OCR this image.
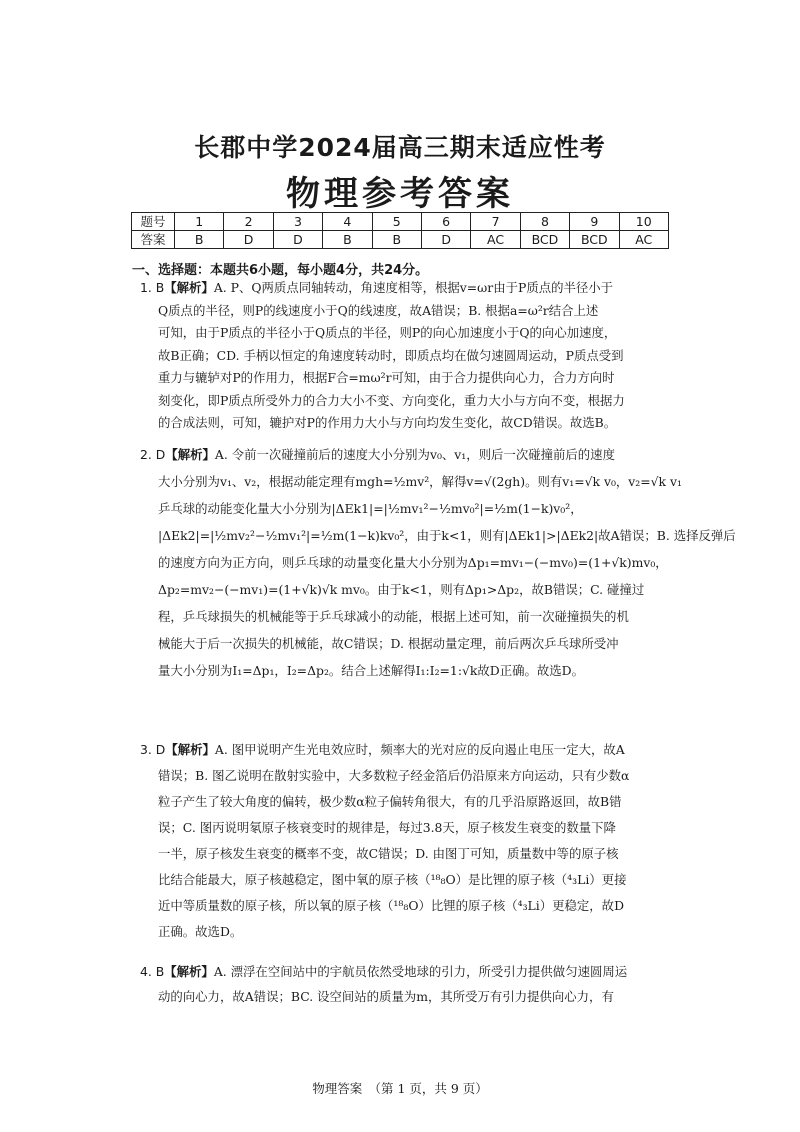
长郡中学2024届高三期末适应性考
物理参考答案
题号	1	2	3	4	5	6	7	8	9	10
答案	B	D	D	B	B	D	AC	BCD	BCD	AC
一、选择题：本题共6小题，每小题4分，共24分。
1. B【解析】A. P、Q两质点同轴转动，角速度相等，根据v=ωr由于P质点的半径小于
Q质点的半径，则P的线速度小于Q的线速度，故A错误；B. 根据a=ω²r结合上述
可知，由于P质点的半径小于Q质点的半径，则P的向心加速度小于Q的向心加速度，
故B正确；CD. 手柄以恒定的角速度转动时，即质点均在做匀速圆周运动，P质点受到
重力与辘轳对P的作用力，根据F合=mω²r可知，由于合力提供向心力，合力方向时
刻变化，即P质点所受外力的合力大小不变、方向变化，重力大小与方向不变，根据力
的合成法则，可知，辘护对P的作用力大小与方向均发生变化，故CD错误。故选B。
2. D【解析】A. 令前一次碰撞前后的速度大小分别为v₀、v₁，则后一次碰撞前后的速度
大小分别为v₁、v₂，根据动能定理有mgh=½mv²，解得v=√(2gh)。则有v₁=√k v₀，v₂=√k v₁
乒乓球的动能变化量大小分别为|ΔEk1|=|½mv₁²−½mv₀²|=½m(1−k)v₀²，
|ΔEk2|=|½mv₂²−½mv₁²|=½m(1−k)kv₀²，由于k<1，则有|ΔEk1|>|ΔEk2|故A错误；B. 选择反弹后
的速度方向为正方向，则乒乓球的动量变化量大小分别为Δp₁=mv₁−(−mv₀)=(1+√k)mv₀，
Δp₂=mv₂−(−mv₁)=(1+√k)√k mv₀。由于k<1，则有Δp₁>Δp₂，故B错误；C. 碰撞过
程，乒乓球损失的机械能等于乒乓球减小的动能，根据上述可知，前一次碰撞损失的机
械能大于后一次损失的机械能，故C错误；D. 根据动量定理，前后两次乒乓球所受冲
量大小分别为I₁=Δp₁，I₂=Δp₂。结合上述解得I₁:I₂=1:√k故D正确。故选D。
3. D【解析】A. 图甲说明产生光电效应时，频率大的光对应的反向遏止电压一定大，故A
错误；B. 图乙说明在散射实验中，大多数粒子经金箔后仍沿原来方向运动，只有少数α
粒子产生了较大角度的偏转，极少数α粒子偏转角很大，有的几乎沿原路返回，故B错
误；C. 图丙说明氡原子核衰变时的规律是，每过3.8天，原子核发生衰变的数量下降
一半，原子核发生衰变的概率不变，故C错误；D. 由图丁可知，质量数中等的原子核
比结合能最大，原子核越稳定，图中氧的原子核（¹⁸₈O）是比锂的原子核（⁴₃Li）更接
近中等质量数的原子核，所以氧的原子核（¹⁸₈O）比锂的原子核（⁴₃Li）更稳定，故D
正确。故选D。
4. B【解析】A. 漂浮在空间站中的宇航员依然受地球的引力，所受引力提供做匀速圆周运
动的向心力，故A错误；BC. 设空间站的质量为m，其所受万有引力提供向心力，有
物理答案　（第 1 页，共 9 页）
